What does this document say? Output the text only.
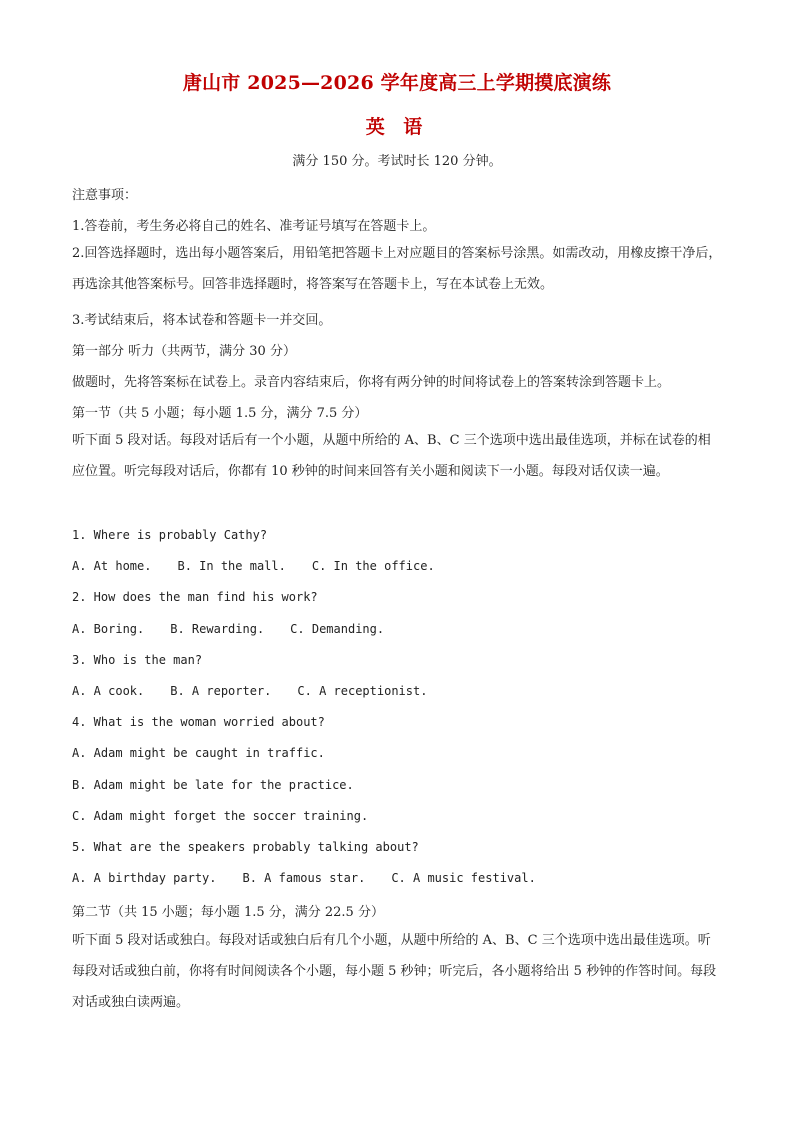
唐山市 2025—2026 学年度高三上学期摸底演练
英 语
满分 150 分。考试时长 120 分钟。
注意事项：
1.答卷前，考生务必将自己的姓名、准考证号填写在答题卡上。
2.回答选择题时，选出每小题答案后，用铅笔把答题卡上对应题目的答案标号涂黑。如需改动，用橡皮擦干净后，再选涂其他答案标号。回答非选择题时，将答案写在答题卡上，写在本试卷上无效。
3.考试结束后，将本试卷和答题卡一并交回。
第一部分 听力（共两节，满分 30 分）
做题时，先将答案标在试卷上。录音内容结束后，你将有两分钟的时间将试卷上的答案转涂到答题卡上。
第一节（共 5 小题；每小题 1.5 分，满分 7.5 分）
听下面 5 段对话。每段对话后有一个小题，从题中所给的 A、B、C 三个选项中选出最佳选项，并标在试卷的相应位置。听完每段对话后，你都有 10 秒钟的时间来回答有关小题和阅读下一小题。每段对话仅读一遍。
1. Where is probably Cathy?
A. At home. B. In the mall. C. In the office.
2. How does the man find his work?
A. Boring. B. Rewarding. C. Demanding.
3. Who is the man?
A. A cook. B. A reporter. C. A receptionist.
4. What is the woman worried about?
A. Adam might be caught in traffic.
B. Adam might be late for the practice.
C. Adam might forget the soccer training.
5. What are the speakers probably talking about?
A. A birthday party. B. A famous star. C. A music festival.
第二节（共 15 小题；每小题 1.5 分，满分 22.5 分）
听下面 5 段对话或独白。每段对话或独白后有几个小题，从题中所给的 A、B、C 三个选项中选出最佳选项。听每段对话或独白前，你将有时间阅读各个小题，每小题 5 秒钟；听完后，各小题将给出 5 秒钟的作答时间。每段对话或独白读两遍。
